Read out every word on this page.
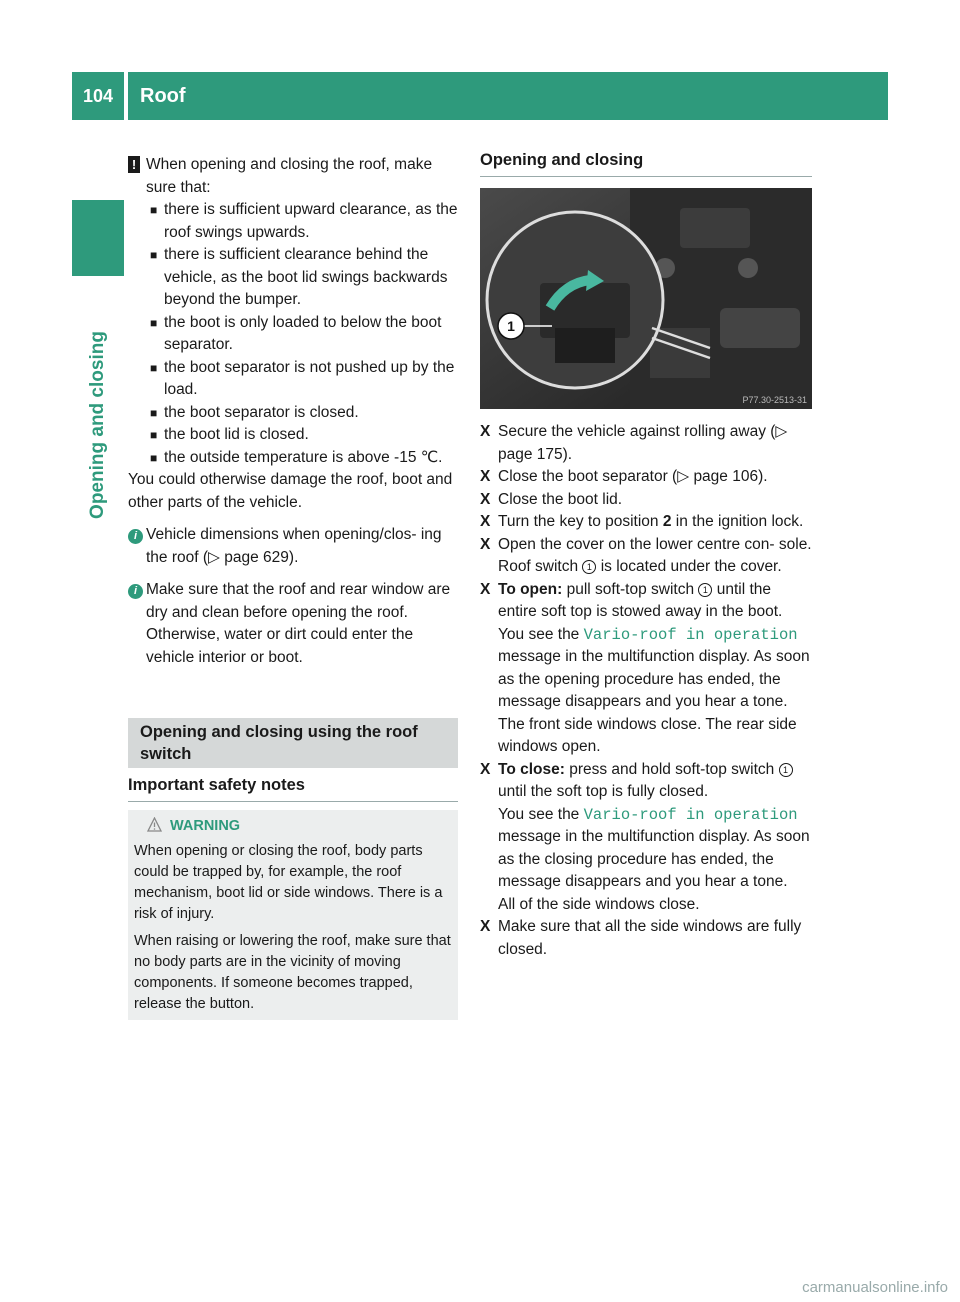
104	Roof
Opening and closing

! When opening and closing the roof, make sure that:

■ there is sufficient upward clearance, as the roof swings upwards.

■ there is sufficient clearance behind the vehicle, as the boot lid swings backwards beyond the bumper.

■ the boot is only loaded to below the boot separator.

■ the boot separator is not pushed up by the load.

■ the boot separator is closed.

■ the boot lid is closed.

■ the outside temperature is above -15 ℃.

You could otherwise damage the roof, boot and other parts of the vehicle.

i Vehicle dimensions when opening/clos- ing the roof (▷ page 629).

i Make sure that the roof and rear window are dry and clean before opening the roof. Otherwise, water or dirt could enter the vehicle interior or boot.

Opening and closing using the roof switch
Important safety notes
WARNING

When opening or closing the roof, body parts could be trapped by, for example, the roof mechanism, boot lid or side windows. There is a risk of injury.

When raising or lowering the roof, make sure that no body parts are in the vicinity of moving components. If someone becomes trapped, release the button.

Opening and closing
1
P77.30-2513-31

X Secure the vehicle against rolling away (▷ page 175).

X Close the boot separator (▷ page 106).

X Close the boot lid.

X Turn the key to position 2 in the ignition lock.

X Open the cover on the lower centre con- sole.
Roof switch 1 is located under the cover.

X To open: pull soft-top switch 1 until the entire soft top is stowed away in the boot.
You see the Vario-roof in operation
message in the multifunction display. As soon as the opening procedure has ended, the message disappears and you hear a tone.

The front side windows close. The rear side windows open.

X To close: press and hold soft-top switch 1
until the soft top is fully closed.
You see the Vario-roof in operation
message in the multifunction display. As soon as the closing procedure has ended, the message disappears and you hear a tone.

All of the side windows close.

X Make sure that all the side windows are fully closed.

carmanualsonline.info
